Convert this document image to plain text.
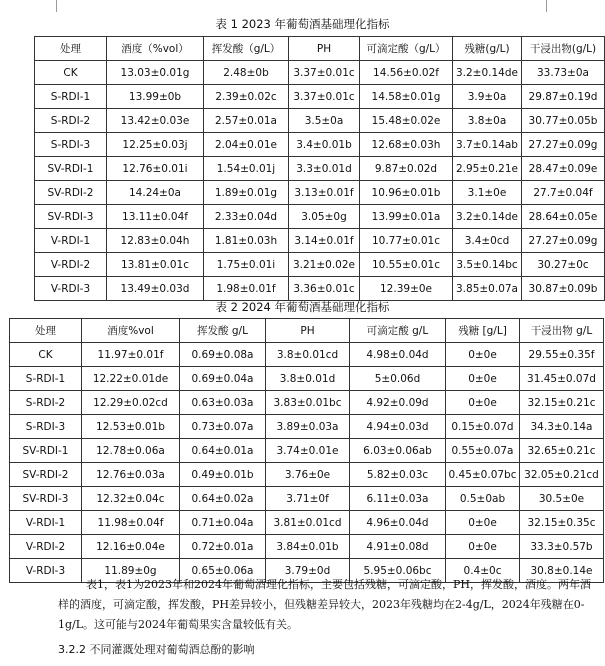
表 1 2023 年葡萄酒基础理化指标
处理	酒度（%vol）	挥发酸（g/L）	PH	可滴定酸（g/L）	残糖(g/L)	干浸出物(g/L)
CK	13.03±0.01g	2.48±0b	3.37±0.01c	14.56±0.02f	3.2±0.14de	33.73±0a
S-RDI-1	13.99±0b	2.39±0.02c	3.37±0.01c	14.58±0.01g	3.9±0a	29.87±0.19d
S-RDI-2	13.42±0.03e	2.57±0.01a	3.5±0a	15.48±0.02e	3.8±0a	30.77±0.05b
S-RDI-3	12.25±0.03j	2.04±0.01e	3.4±0.01b	12.68±0.03h	3.7±0.14ab	27.27±0.09g
SV-RDI-1	12.76±0.01i	1.54±0.01j	3.3±0.01d	9.87±0.02d	2.95±0.21e	28.47±0.09e
SV-RDI-2	14.24±0a	1.89±0.01g	3.13±0.01f	10.96±0.01b	3.1±0e	27.7±0.04f
SV-RDI-3	13.11±0.04f	2.33±0.04d	3.05±0g	13.99±0.01a	3.2±0.14de	28.64±0.05e
V-RDI-1	12.83±0.04h	1.81±0.03h	3.14±0.01f	10.77±0.01c	3.4±0cd	27.27±0.09g
V-RDI-2	13.81±0.01c	1.75±0.01i	3.21±0.02e	10.55±0.01c	3.5±0.14bc	30.27±0c
V-RDI-3	13.49±0.03d	1.98±0.01f	3.36±0.01c	12.39±0e	3.85±0.07a	30.87±0.09b
表 2 2024 年葡萄酒基础理化指标
处理	酒度%vol	挥发酸 g/L	PH	可滴定酸 g/L	残糖 [g/L]	干浸出物 g/L
CK	11.97±0.01f	0.69±0.08a	3.8±0.01cd	4.98±0.04d	0±0e	29.55±0.35f
S-RDI-1	12.22±0.01de	0.69±0.04a	3.8±0.01d	5±0.06d	0±0e	31.45±0.07d
S-RDI-2	12.29±0.02cd	0.63±0.03a	3.83±0.01bc	4.92±0.09d	0±0e	32.15±0.21c
S-RDI-3	12.53±0.01b	0.73±0.07a	3.89±0.03a	4.94±0.03d	0.15±0.07d	34.3±0.14a
SV-RDI-1	12.78±0.06a	0.64±0.01a	3.74±0.01e	6.03±0.06ab	0.55±0.07a	32.65±0.21c
SV-RDI-2	12.76±0.03a	0.49±0.01b	3.76±0e	5.82±0.03c	0.45±0.07bc	32.05±0.21cd
SV-RDI-3	12.32±0.04c	0.64±0.02a	3.71±0f	6.11±0.03a	0.5±0ab	30.5±0e
V-RDI-1	11.98±0.04f	0.71±0.04a	3.81±0.01cd	4.96±0.04d	0±0e	32.15±0.35c
V-RDI-2	12.16±0.04e	0.72±0.01a	3.84±0.01b	4.91±0.08d	0±0e	33.3±0.57b
V-RDI-3	11.89±0g	0.65±0.06a	3.79±0d	5.95±0.06bc	0.4±0c	30.8±0.14e

表1，表1为2023年和2024年葡萄酒理化指标，主要包括残糖，可滴定酸，PH，挥发酸，酒度。两年酒样的酒度，可滴定酸，挥发酸，PH差异较小，但残糖差异较大，2023年残糖均在2-4g/L，2024年残糖在0-1g/L。这可能与2024年葡萄果实含量较低有关。

3.2.2 不同灌溉处理对葡萄酒总酚的影响
